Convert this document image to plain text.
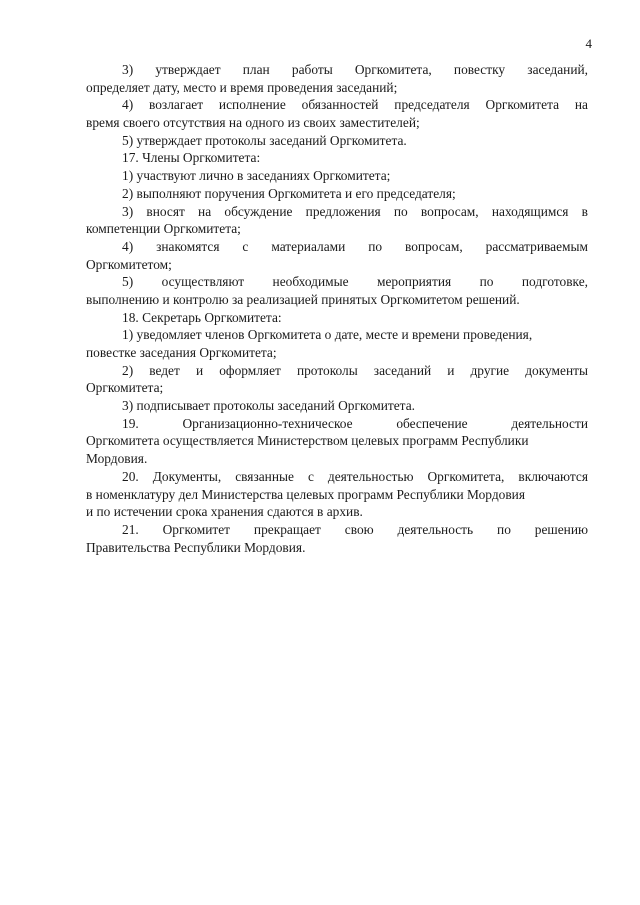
4
3) утверждает план работы Оргкомитета, повестку заседаний,
определяет дату, место и время проведения заседаний;
4) возлагает исполнение обязанностей председателя Оргкомитета на
время своего отсутствия на одного из своих заместителей;
5) утверждает протоколы заседаний Оргкомитета.
17. Члены Оргкомитета:
1) участвуют лично в заседаниях Оргкомитета;
2) выполняют поручения Оргкомитета и его председателя;
3) вносят на обсуждение предложения по вопросам, находящимся в
компетенции Оргкомитета;
4) знакомятся с материалами по вопросам, рассматриваемым
Оргкомитетом;
5) осуществляют необходимые мероприятия по подготовке,
выполнению и контролю за реализацией принятых Оргкомитетом решений.
18. Секретарь Оргкомитета:
1) уведомляет членов Оргкомитета о дате, месте и времени проведения,
повестке заседания Оргкомитета;
2) ведет и оформляет протоколы заседаний и другие документы
Оргкомитета;
3) подписывает протоколы заседаний Оргкомитета.
19. Организационно-техническое обеспечение деятельности
Оргкомитета осуществляется Министерством целевых программ Республики
Мордовия.
20. Документы, связанные с деятельностью Оргкомитета, включаются
в номенклатуру дел Министерства целевых программ Республики Мордовия
и по истечении срока хранения сдаются в архив.
21. Оргкомитет прекращает свою деятельность по решению
Правительства Республики Мордовия.
